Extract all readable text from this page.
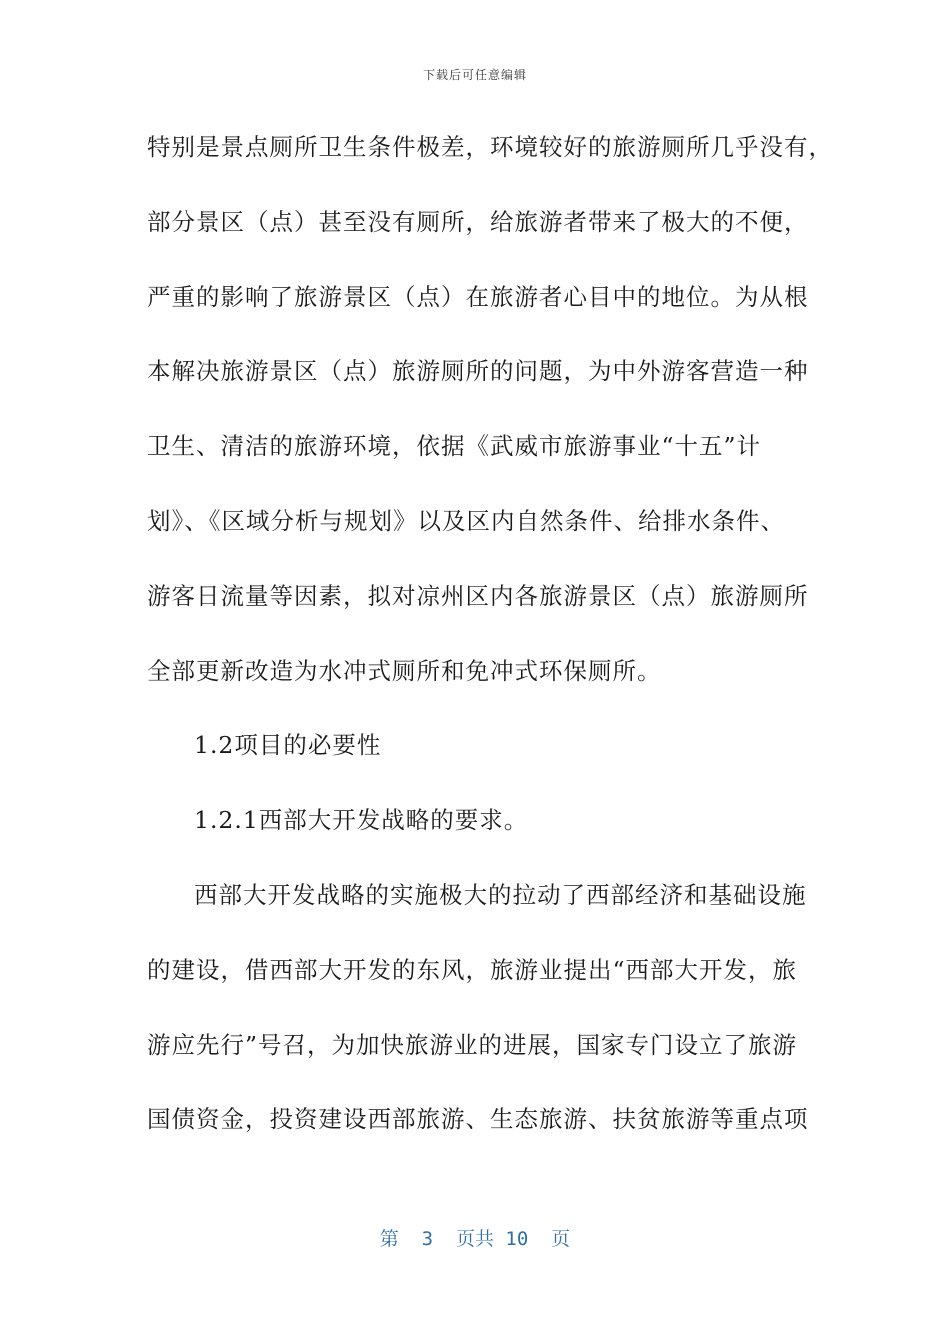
下载后可任意编辑
特别是景点厕所卫生条件极差，环境较好的旅游厕所几乎没有，
部分景区（点）甚至没有厕所，给旅游者带来了极大的不便，
严重的影响了旅游景区（点）在旅游者心目中的地位。为从根
本解决旅游景区（点）旅游厕所的问题，为中外游客营造一种
卫生、清洁的旅游环境，依据《武威市旅游事业“十五”计
划》、《区域分析与规划》以及区内自然条件、给排水条件、
游客日流量等因素，拟对凉州区内各旅游景区（点）旅游厕所
全部更新改造为水冲式厕所和免冲式环保厕所。
1.2项目的必要性
1.2.1西部大开发战略的要求。
西部大开发战略的实施极大的拉动了西部经济和基础设施
的建设，借西部大开发的东风，旅游业提出“西部大开发，旅
游应先行”号召，为加快旅游业的进展，国家专门设立了旅游
国债资金，投资建设西部旅游、生态旅游、扶贫旅游等重点项
第  3  页共 10  页
